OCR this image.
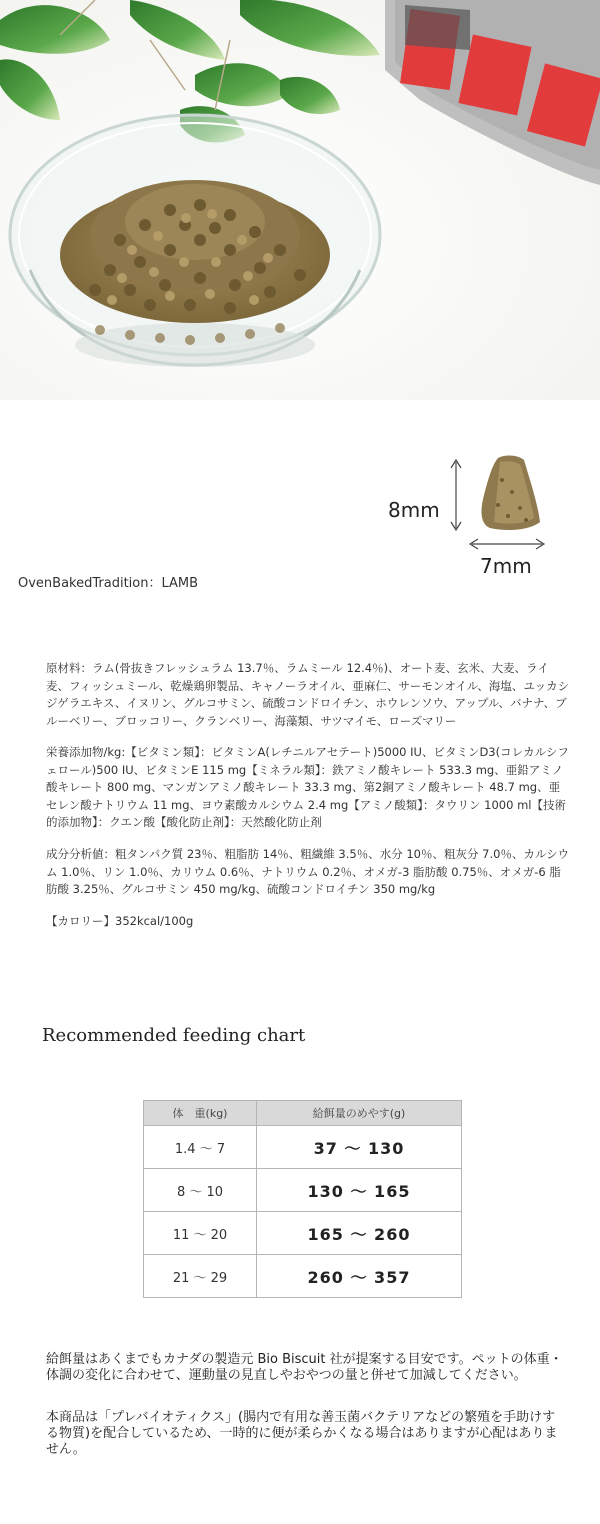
8mm
7mm
OvenBakedTradition：LAMB
原材料：ラム(骨抜きフレッシュラム 13.7％、ラムミール 12.4％)、オート麦、玄米、大麦、ライ麦、フィッシュミール、乾燥鶏卵製品、キャノーラオイル、亜麻仁、サーモンオイル、海塩、ユッカシジゲラエキス、イヌリン、グルコサミン、硫酸コンドロイチン、ホウレンソウ、アップル、バナナ、ブルーベリー、ブロッコリー、クランベリー、海藻類、サツマイモ、ローズマリー
栄養添加物/kg:【ビタミン類】：ビタミンA(レチニルアセテート)5000 IU、ビタミンD3(コレカルシフェロール)500 IU、ビタミンE 115 mg【ミネラル類】：鉄アミノ酸キレート 533.3 mg、亜鉛アミノ酸キレート 800 mg、マンガンアミノ酸キレート 33.3 mg、第2銅アミノ酸キレート 48.7 mg、亜セレン酸ナトリウム 11 mg、ヨウ素酸カルシウム 2.4 mg【アミノ酸類】：タウリン 1000 ml【技術的添加物】：クエン酸【酸化防止剤】：天然酸化防止剤
成分分析値：粗タンパク質 23％、粗脂肪 14％、粗繊維 3.5％、水分 10％、粗灰分 7.0％、カルシウム 1.0％、リン 1.0％、カリウム 0.6％、ナトリウム 0.2％、オメガ-3 脂肪酸 0.75％、オメガ-6 脂肪酸 3.25％、グルコサミン 450 mg/kg、硫酸コンドロイチン 350 mg/kg
【カロリー】352kcal/100g
Recommended feeding chart
体　重(kg)	給餌量のめやす(g)
1.4 ～ 7	37 ～ 130
8 ～ 10	130 ～ 165
11 ～ 20	165 ～ 260
21 ～ 29	260 ～ 357
給餌量はあくまでもカナダの製造元 Bio Biscuit 社が提案する目安です。ペットの体重・体調の変化に合わせて、運動量の見直しやおやつの量と併せて加減してください。
本商品は「プレバイオティクス」(腸内で有用な善玉菌バクテリアなどの繁殖を手助けする物質)を配合しているため、一時的に便が柔らかくなる場合はありますが心配はありません。
